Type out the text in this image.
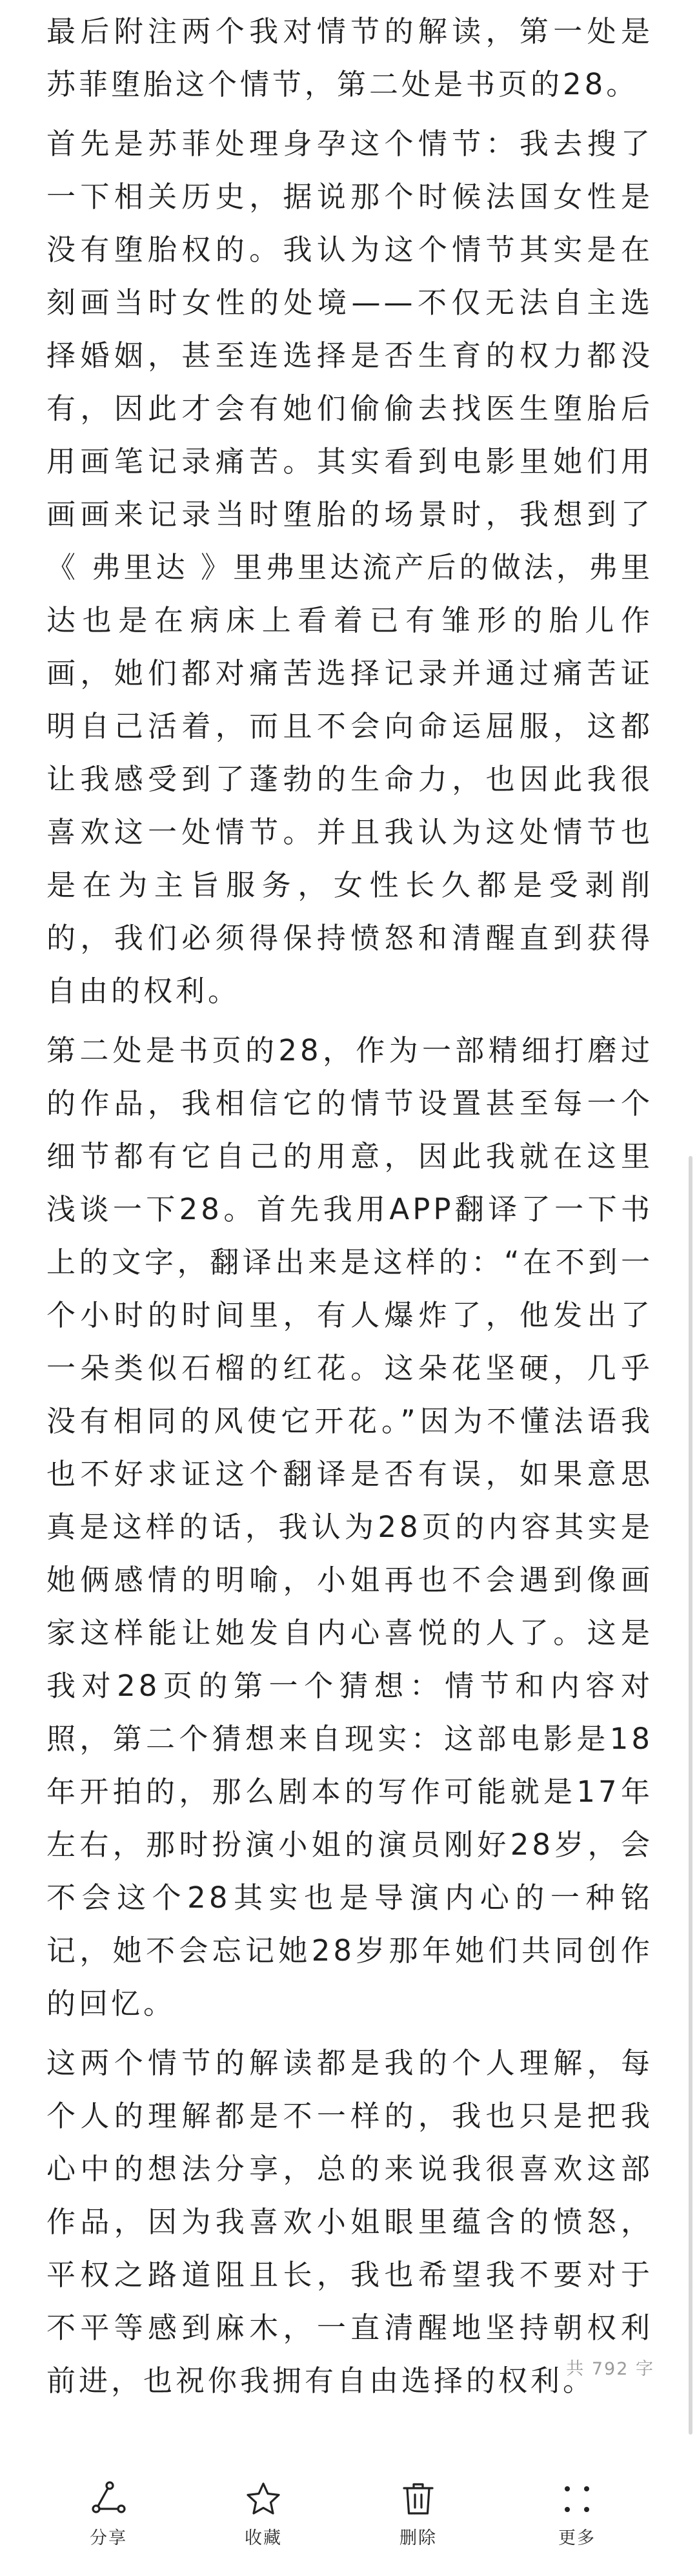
最后附注两个我对情节的解读，第一处是苏菲堕胎这个情节，第二处是书页的28。

首先是苏菲处理身孕这个情节：我去搜了一下相关历史，据说那个时候法国女性是没有堕胎权的。我认为这个情节其实是在刻画当时女性的处境——不仅无法自主选择婚姻，甚至连选择是否生育的权力都没有，因此才会有她们偷偷去找医生堕胎后用画笔记录痛苦。其实看到电影里她们用画画来记录当时堕胎的场景时，我想到了《 弗里达 》里弗里达流产后的做法，弗里达也是在病床上看着已有雏形的胎儿作画，她们都对痛苦选择记录并通过痛苦证明自己活着，而且不会向命运屈服，这都让我感受到了蓬勃的生命力，也因此我很喜欢这一处情节。并且我认为这处情节也是在为主旨服务，女性长久都是受剥削的，我们必须得保持愤怒和清醒直到获得自由的权利。

第二处是书页的28，作为一部精细打磨过的作品，我相信它的情节设置甚至每一个细节都有它自己的用意，因此我就在这里浅谈一下28。首先我用APP翻译了一下书上的文字，翻译出来是这样的：“在不到一个小时的时间里，有人爆炸了，他发出了一朵类似石榴的红花。这朵花坚硬，几乎没有相同的风使它开花。”因为不懂法语我也不好求证这个翻译是否有误，如果意思真是这样的话，我认为28页的内容其实是她俩感情的明喻，小姐再也不会遇到像画家这样能让她发自内心喜悦的人了。这是我对28页的第一个猜想：情节和内容对照，第二个猜想来自现实：这部电影是18年开拍的，那么剧本的写作可能就是17年左右，那时扮演小姐的演员刚好28岁，会不会这个28其实也是导演内心的一种铭记，她不会忘记她28岁那年她们共同创作的回忆。

这两个情节的解读都是我的个人理解，每个人的理解都是不一样的，我也只是把我心中的想法分享，总的来说我很喜欢这部作品，因为我喜欢小姐眼里蕴含的愤怒，平权之路道阻且长，我也希望我不要对于不平等感到麻木，一直清醒地坚持朝权利前进，也祝你我拥有自由选择的权利。

共 792 字
分享	收藏	删除	更多
